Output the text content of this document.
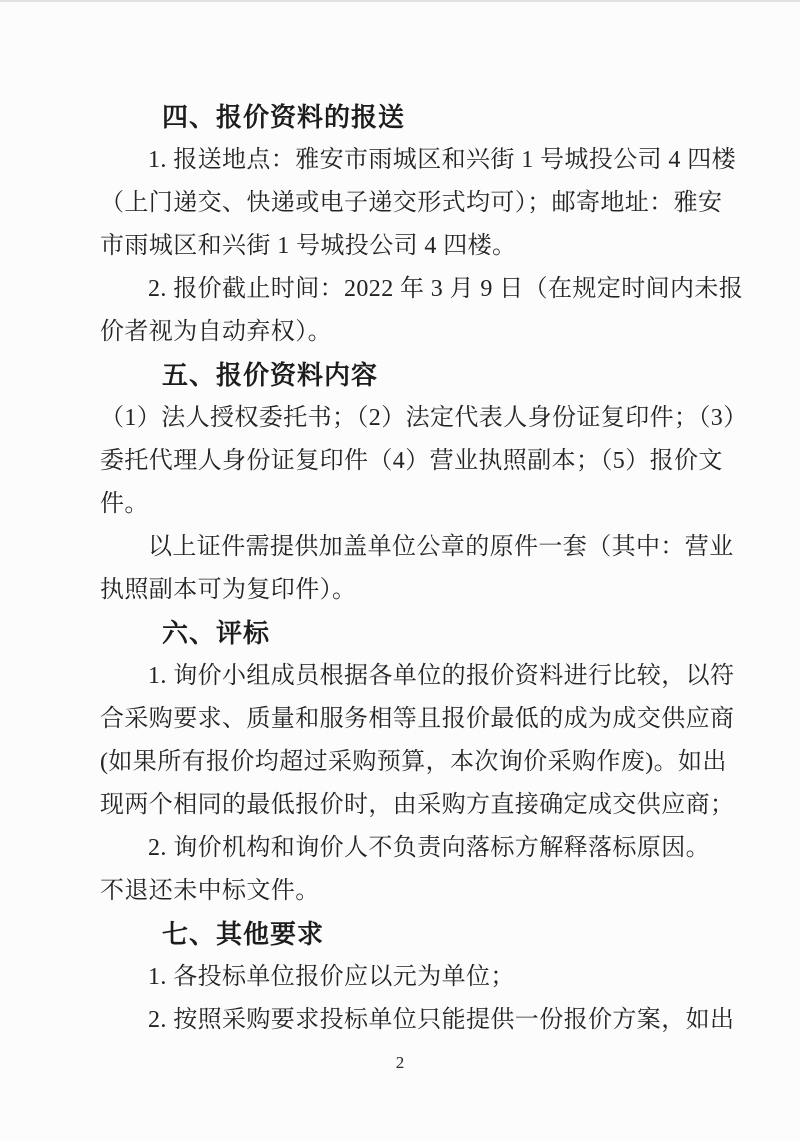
四、报价资料的报送
1. 报送地点：雅安市雨城区和兴街 1 号城投公司 4 四楼
（上门递交、快递或电子递交形式均可）；邮寄地址：雅安
市雨城区和兴街 1 号城投公司 4 四楼。
2. 报价截止时间：2022 年 3 月 9 日（在规定时间内未报
价者视为自动弃权）。
五、报价资料内容
（1）法人授权委托书；（2）法定代表人身份证复印件；（3）
委托代理人身份证复印件（4）营业执照副本；（5）报价文
件。
以上证件需提供加盖单位公章的原件一套（其中：营业
执照副本可为复印件）。
六、评标
1. 询价小组成员根据各单位的报价资料进行比较，以符
合采购要求、质量和服务相等且报价最低的成为成交供应商
(如果所有报价均超过采购预算，本次询价采购作废)。如出
现两个相同的最低报价时，由采购方直接确定成交供应商；
2. 询价机构和询价人不负责向落标方解释落标原因。
不退还未中标文件。
七、其他要求
1. 各投标单位报价应以元为单位；
2. 按照采购要求投标单位只能提供一份报价方案，如出
2
